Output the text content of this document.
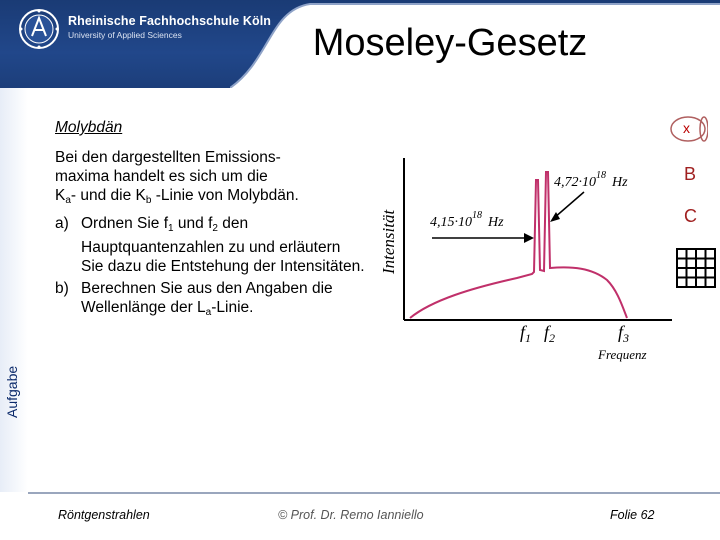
Rheinische Fachhochschule Köln
University of Applied Sciences	Moseley-Gesetz
Aufgabe
Molybdän
Bei den dargestellten Emissions-
maxima handelt es sich um die
$K_a-$ und die $K_b$ -Linie von Molybdän.
a) Ordnen Sie $f_1$ und $f_2$ den Hauptquantenzahlen zu und erläutern Sie dazu die Entstehung der Intensitäten.
b) Berechnen Sie aus den Angaben die Wellenlänge der $L_a$-Linie.
Intensität
Frequenz
$4,72\cdot 10^{18}$ Hz
$4,15\cdot 10^{18}$ Hz
$f_1$ $f_2$	$f_3$
x
B
C
Röntgenstrahlen	© Prof. Dr. Remo Ianniello	Folie 62
